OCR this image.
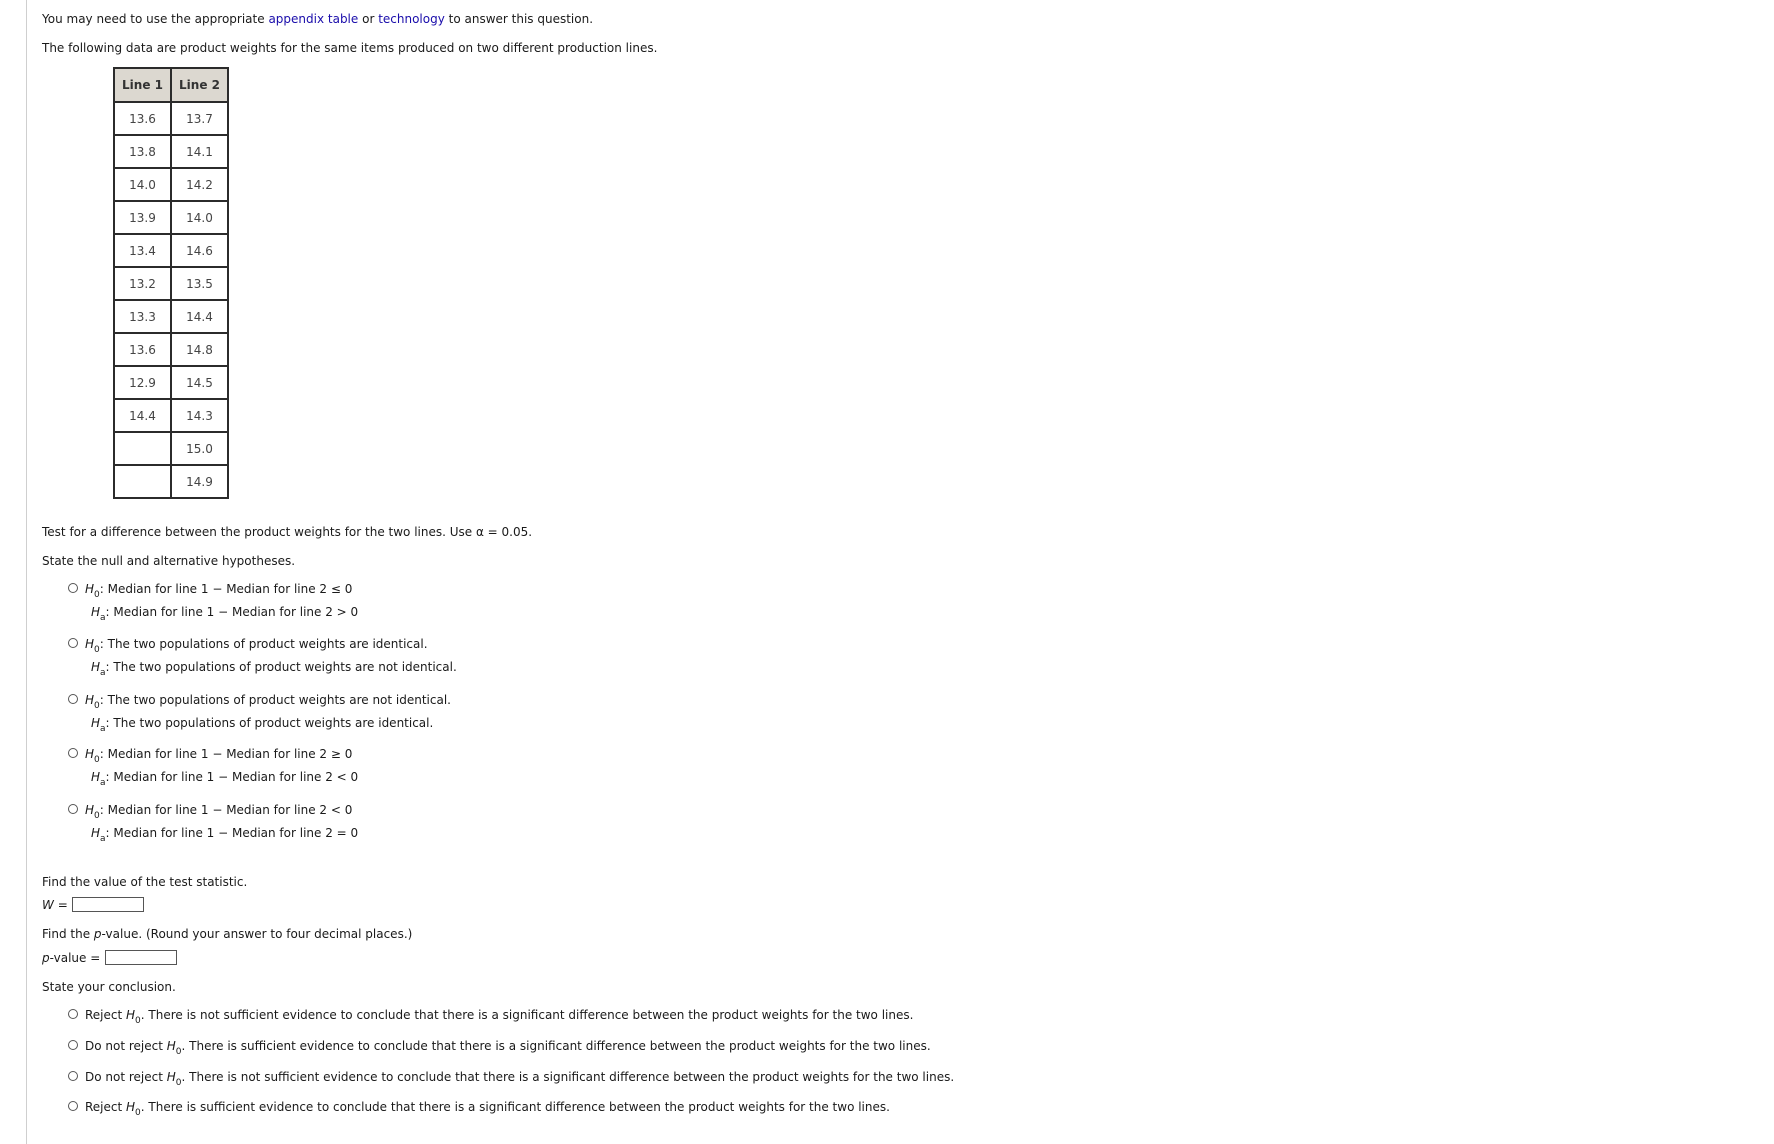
You may need to use the appropriate appendix table or technology to answer this question.
The following data are product weights for the same items produced on two different production lines.
Line 1	Line 2
13.6	13.7
13.8	14.1
14.0	14.2
13.9	14.0
13.4	14.6
13.2	13.5
13.3	14.4
13.6	14.8
12.9	14.5
14.4	14.3
	15.0
	14.9
Test for a difference between the product weights for the two lines. Use α = 0.05.
State the null and alternative hypotheses.
$H_0$: Median for line 1 − Median for line 2 ≤ 0
$H_a$: Median for line 1 − Median for line 2 > 0
$H_0$: The two populations of product weights are identical.
$H_a$: The two populations of product weights are not identical.
$H_0$: The two populations of product weights are not identical.
$H_a$: The two populations of product weights are identical.
$H_0$: Median for line 1 − Median for line 2 ≥ 0
$H_a$: Median for line 1 − Median for line 2 < 0
$H_0$: Median for line 1 − Median for line 2 < 0
$H_a$: Median for line 1 − Median for line 2 = 0
Find the value of the test statistic.
W =
Find the p-value. (Round your answer to four decimal places.)
p-value =
State your conclusion.
Reject $H_0$. There is not sufficient evidence to conclude that there is a significant difference between the product weights for the two lines.
Do not reject $H_0$. There is sufficient evidence to conclude that there is a significant difference between the product weights for the two lines.
Do not reject $H_0$. There is not sufficient evidence to conclude that there is a significant difference between the product weights for the two lines.
Reject $H_0$. There is sufficient evidence to conclude that there is a significant difference between the product weights for the two lines.
